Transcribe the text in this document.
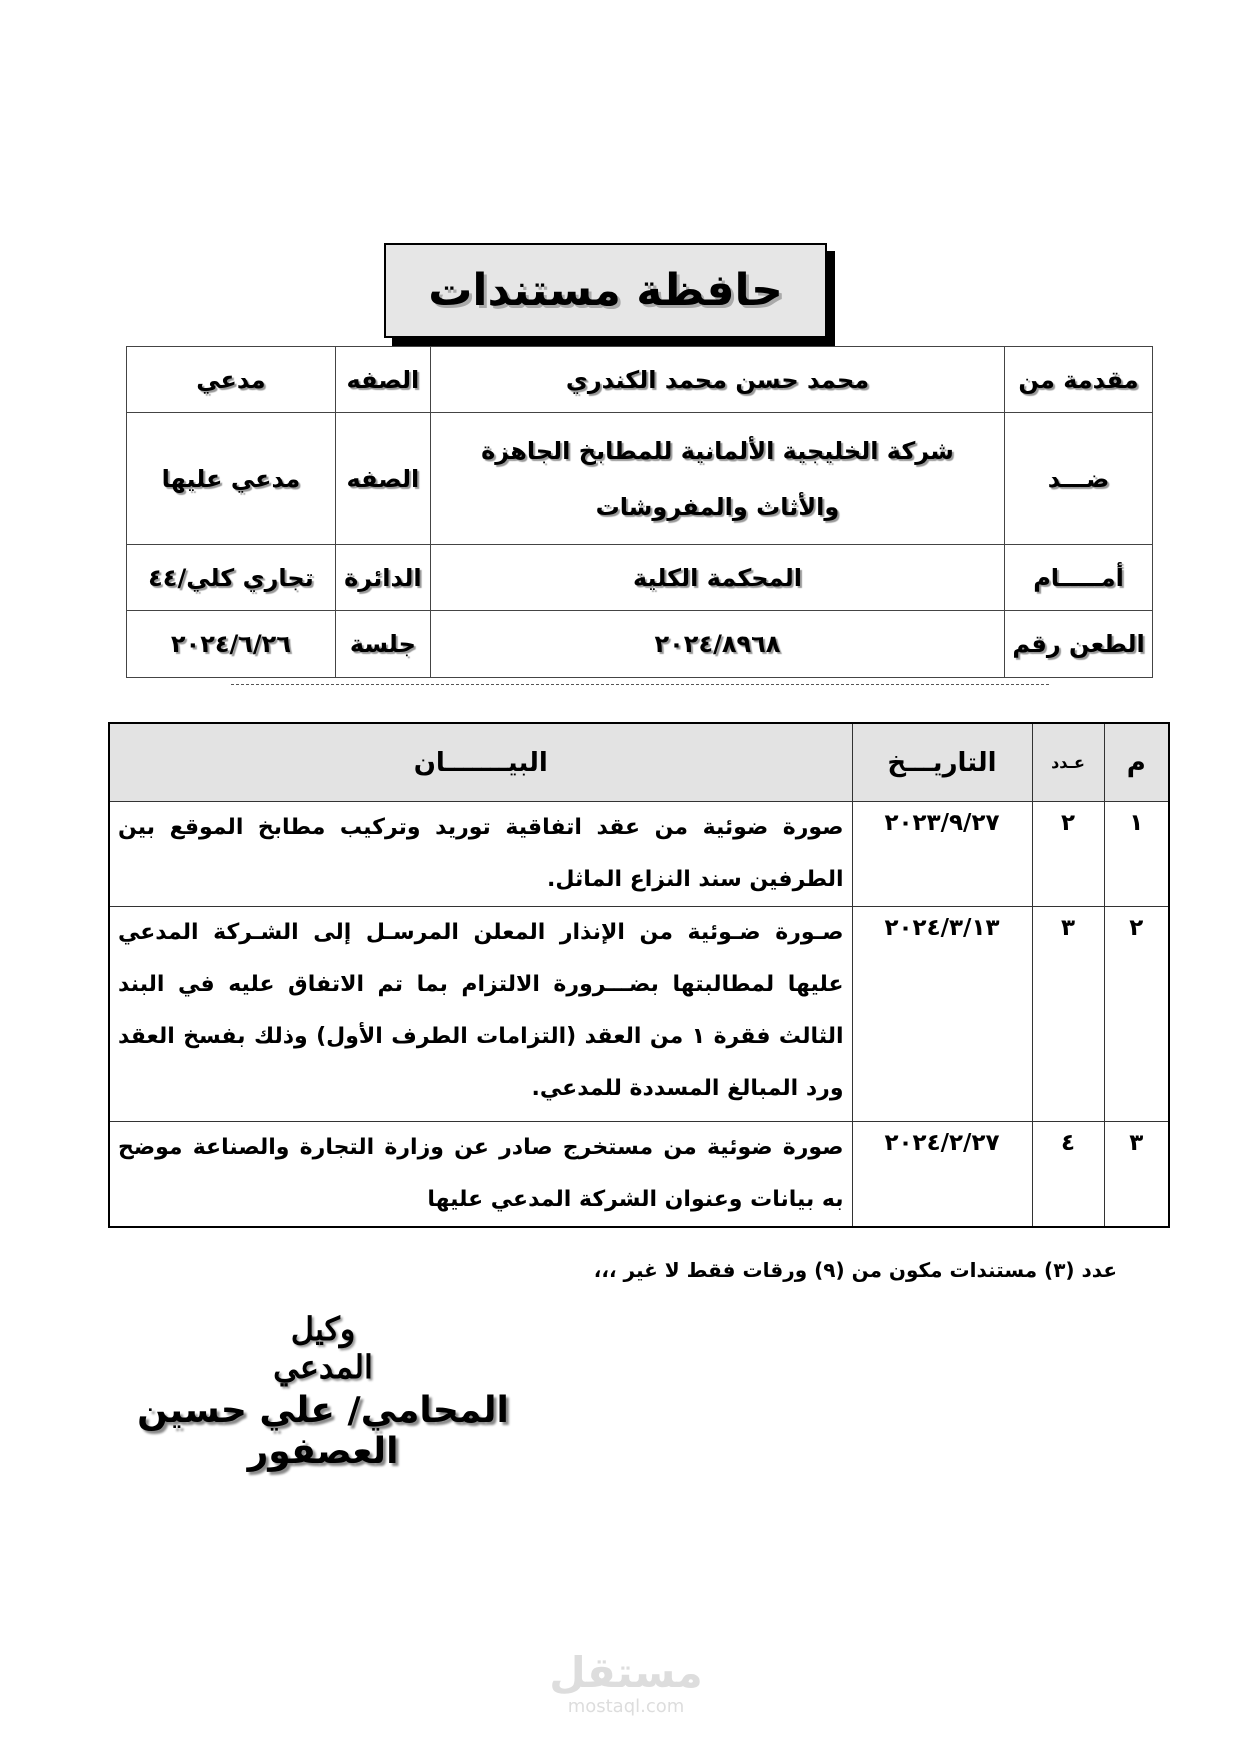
حافظة مستندات
مقدمة من	محمد حسن محمد الكندري	الصفه	مدعي
ضـــد	شركة الخليجية الألمانية للمطابخ الجاهزة والأثاث والمفروشات	الصفه	مدعي عليها
أمـــــام	المحكمة الكلية	الدائرة	تجاري كلي/٤٤
الطعن رقم	٢٠٢٤/٨٩٦٨	جلسة	٢٠٢٤/٦/٢٦
م	عـدد	التاريـــخ	البيـــــــان
١	٢	٢٠٢٣/٩/٢٧	صورة ضوئية من عقد اتفاقية توريد وتركيب مطابخ الموقع بين الطرفين سند النزاع الماثل.
٢	٣	٢٠٢٤/٣/١٣	صـورة ضـوئية من الإنذار المعلن المرسـل إلى الشـركة المدعي عليها لمطالبتها بضـــرورة الالتزام بما تم الاتفاق عليه في البند الثالث فقرة ١ من العقد (التزامات الطرف الأول) وذلك بفسخ العقد ورد المبالغ المسددة للمدعي.
٣	٤	٢٠٢٤/٢/٢٧	صورة ضوئية من مستخرج صادر عن وزارة التجارة والصناعة موضح به بيانات وعنوان الشركة المدعي عليها
عدد (٣) مستندات مكون من (٩) ورقات فقط لا غير ،،،
وكيل المدعي
المحامي/ علي حسين العصفور
مستقل
mostaql.com
